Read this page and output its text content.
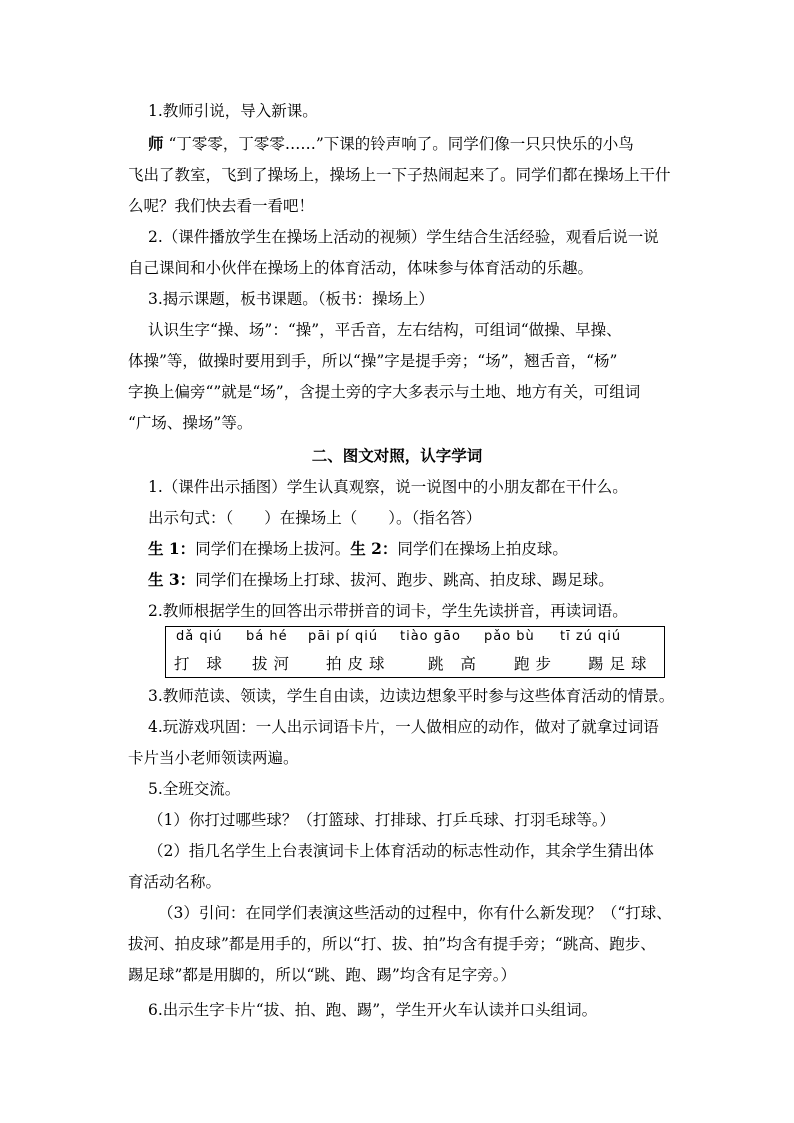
1.教师引说，导入新课。
师 “丁零零，丁零零……”下课的铃声响了。同学们像一只只快乐的小鸟
飞出了教室，飞到了操场上，操场上一下子热闹起来了。同学们都在操场上干什
么呢？我们快去看一看吧！
2.（课件播放学生在操场上活动的视频）学生结合生活经验，观看后说一说
自己课间和小伙伴在操场上的体育活动，体味参与体育活动的乐趣。
3.揭示课题，板书课题。（板书：操场上）
认识生字“操、场”：“操”，平舌音，左右结构，可组词“做操、早操、
体操”等，做操时要用到手，所以“操”字是提手旁；“场”，翘舌音，“杨”
字换上偏旁“”就是“场”，含提土旁的字大多表示与土地、地方有关，可组词
“广场、操场”等。
二、图文对照，认字学词
1.（课件出示插图）学生认真观察，说一说图中的小朋友都在干什么。
出示句式：（　　）在操场上（　　）。（指名答）
生 1：同学们在操场上拔河。生 2：同学们在操场上拍皮球。
生 3：同学们在操场上打球、拔河、跑步、跳高、拍皮球、踢足球。
2.教师根据学生的回答出示带拼音的词卡，学生先读拼音，再读词语。
dǎ qiú
打 球
bá hé
拔河
pāi pí qiú
拍皮球
tiào gāo
跳 高
pǎo bù
跑步
tī zú qiú
踢足球
3.教师范读、领读，学生自由读，边读边想象平时参与这些体育活动的情景。
4.玩游戏巩固：一人出示词语卡片，一人做相应的动作，做对了就拿过词语
卡片当小老师领读两遍。
5.全班交流。
（1）你打过哪些球？（打篮球、打排球、打乒乓球、打羽毛球等。）
（2）指几名学生上台表演词卡上体育活动的标志性动作，其余学生猜出体
育活动名称。
（3）引问：在同学们表演这些活动的过程中，你有什么新发现？（“打球、
拔河、拍皮球”都是用手的，所以“打、拔、拍”均含有提手旁；“跳高、跑步、
踢足球”都是用脚的，所以“跳、跑、踢”均含有足字旁。）
6.出示生字卡片“拔、拍、跑、踢”，学生开火车认读并口头组词。
